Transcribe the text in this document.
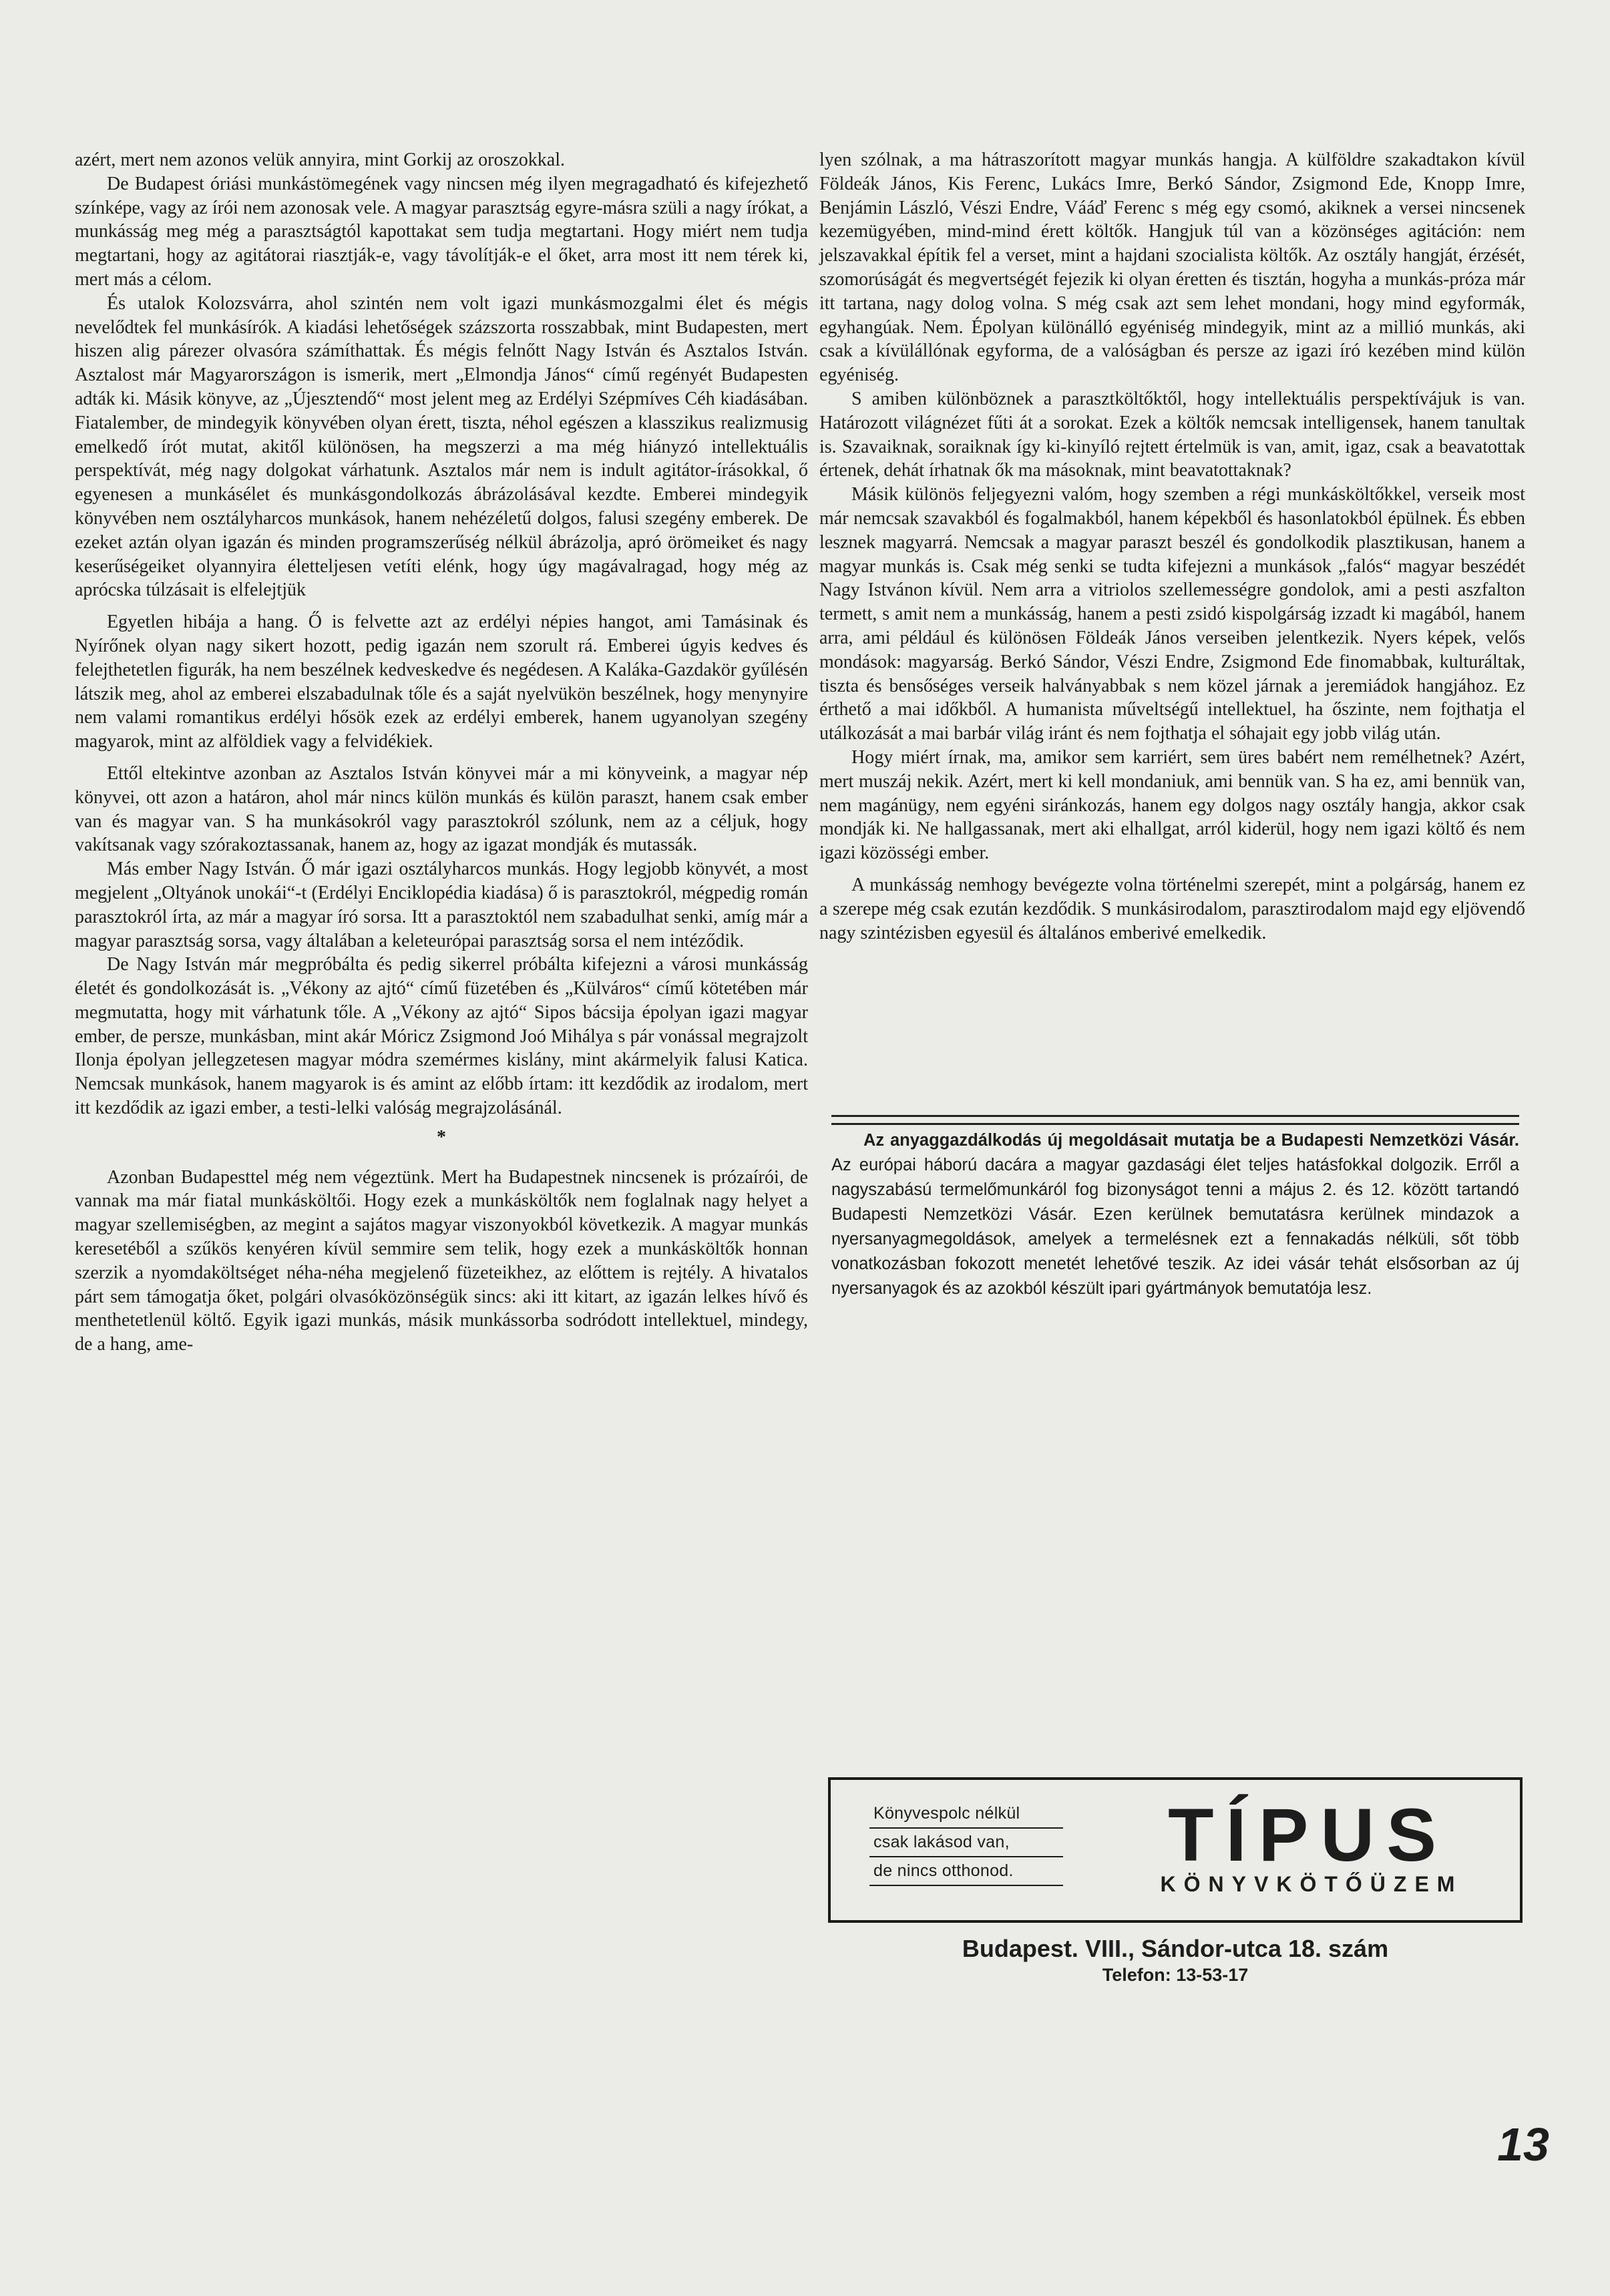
azért, mert nem azonos velük annyira, mint Gorkij az oroszokkal.

De Budapest óriási munkástömegének vagy nincsen még ilyen megragadható és kifejezhető színképe, vagy az írói nem azonosak vele. A magyar parasztság egyre-másra szüli a nagy írókat, a munkásság meg még a parasztságtól kapottakat sem tudja megtartani. Hogy miért nem tudja megtartani, hogy az agitátorai riasztják-e, vagy távolítják-e el őket, arra most itt nem térek ki, mert más a célom.

És utalok Kolozsvárra, ahol szintén nem volt igazi munkásmozgalmi élet és mégis nevelődtek fel munkásírók. A kiadási lehetőségek százszorta rosszabbak, mint Budapesten, mert hiszen alig párezer olvasóra számíthattak. És mégis felnőtt Nagy István és Asztalos István. Asztalost már Magyarországon is ismerik, mert „Elmondja János“ című regényét Budapesten adták ki. Másik könyve, az „Újesztendő“ most jelent meg az Erdélyi Szépmíves Céh kiadásában. Fiatalember, de mindegyik könyvében olyan érett, tiszta, néhol egészen a klasszikus realizmusig emelkedő írót mutat, akitől különösen, ha megszerzi a ma még hiányzó intellektuális perspektívát, még nagy dolgokat várhatunk. Asztalos már nem is indult agitátor-írásokkal, ő egyenesen a munkásélet és munkásgondolkozás ábrázolásával kezdte. Emberei mindegyik könyvében nem osztályharcos munkások, hanem nehézéletű dolgos, falusi szegény emberek. De ezeket aztán olyan igazán és minden programszerűség nélkül ábrázolja, apró örömeiket és nagy keserűségeiket olyannyira életteljesen vetíti elénk, hogy úgy magávalragad, hogy még az aprócska túlzásait is elfelejtjük

Egyetlen hibája a hang. Ő is felvette azt az erdélyi népies hangot, ami Tamásinak és Nyírőnek olyan nagy sikert hozott, pedig igazán nem szorult rá. Emberei úgyis kedves és felejthetetlen figurák, ha nem beszélnek kedveskedve és negédesen. A Kaláka-Gazdakör gyűlésén látszik meg, ahol az emberei elszabadulnak tőle és a saját nyelvükön beszélnek, hogy menynyire nem valami romantikus erdélyi hősök ezek az erdélyi emberek, hanem ugyanolyan szegény magyarok, mint az alföldiek vagy a felvidékiek.

Ettől eltekintve azonban az Asztalos István könyvei már a mi könyveink, a magyar nép könyvei, ott azon a határon, ahol már nincs külön munkás és külön paraszt, hanem csak ember van és magyar van. S ha munkásokról vagy parasztokról szólunk, nem az a céljuk, hogy vakítsanak vagy szórakoztassanak, hanem az, hogy az igazat mondják és mutassák.

Más ember Nagy István. Ő már igazi osztályharcos munkás. Hogy legjobb könyvét, a most megjelent „Oltyánok unokái“-t (Erdélyi Enciklopédia kiadása) ő is parasztokról, mégpedig román parasztokról írta, az már a magyar író sorsa. Itt a parasztoktól nem szabadulhat senki, amíg már a magyar parasztság sorsa, vagy általában a keleteurópai parasztság sorsa el nem intéződik.

De Nagy István már megpróbálta és pedig sikerrel próbálta kifejezni a városi munkásság életét és gondolkozását is. „Vékony az ajtó“ című füzetében és „Külváros“ című kötetében már megmutatta, hogy mit várhatunk tőle. A „Vékony az ajtó“ Sipos bácsija épolyan igazi magyar ember, de persze, munkásban, mint akár Móricz Zsigmond Joó Mihálya s pár vonással megrajzolt Ilonja épolyan jellegzetesen magyar módra szemérmes kislány, mint akármelyik falusi Katica. Nemcsak munkások, hanem magyarok is és amint az előbb írtam: itt kezdődik az irodalom, mert itt kezdődik az igazi ember, a testi-lelki valóság megrajzolásánál.

*

Azonban Budapesttel még nem végeztünk. Mert ha Budapestnek nincsenek is prózaírói, de vannak ma már fiatal munkásköltői. Hogy ezek a munkásköltők nem foglalnak nagy helyet a magyar szellemiségben, az megint a sajátos magyar viszonyokból következik. A magyar munkás keresetéből a szűkös kenyéren kívül semmire sem telik, hogy ezek a munkásköltők honnan szerzik a nyomdaköltséget néha-néha megjelenő füzeteikhez, az előttem is rejtély. A hivatalos párt sem támogatja őket, polgári olvasóközönségük sincs: aki itt kitart, az igazán lelkes hívő és menthetetlenül költő. Egyik igazi munkás, másik munkássorba sodródott intellektuel, mindegy, de a hang, ame-

lyen szólnak, a ma hátraszorított magyar munkás hangja. A külföldre szakadtakon kívül Földeák János, Kis Ferenc, Lukács Imre, Berkó Sándor, Zsigmond Ede, Knopp Imre, Benjámin László, Vészi Endre, Vááď Ferenc s még egy csomó, akiknek a versei nincsenek kezemügyében, mind-mind érett költők. Hangjuk túl van a közönséges agitáción: nem jelszavakkal építik fel a verset, mint a hajdani szocialista költők. Az osztály hangját, érzését, szomorúságát és megvertségét fejezik ki olyan éretten és tisztán, hogyha a munkás-próza már itt tartana, nagy dolog volna. S még csak azt sem lehet mondani, hogy mind egyformák, egyhangúak. Nem. Épolyan különálló egyéniség mindegyik, mint az a millió munkás, aki csak a kívülállónak egyforma, de a valóságban és persze az igazi író kezében mind külön egyéniség.

S amiben különböznek a parasztköltőktől, hogy intellektuális perspektívájuk is van. Határozott világnézet fűti át a sorokat. Ezek a költők nemcsak intelligensek, hanem tanultak is. Szavaiknak, soraiknak így ki-kinyíló rejtett értelmük is van, amit, igaz, csak a beavatottak értenek, dehát írhatnak ők ma másoknak, mint beavatottaknak?

Másik különös feljegyezni valóm, hogy szemben a régi munkásköltőkkel, verseik most már nemcsak szavakból és fogalmakból, hanem képekből és hasonlatokból épülnek. És ebben lesznek magyarrá. Nemcsak a magyar paraszt beszél és gondolkodik plasztikusan, hanem a magyar munkás is. Csak még senki se tudta kifejezni a munkások „falós“ magyar beszédét Nagy Istvánon kívül. Nem arra a vitriolos szellemességre gondolok, ami a pesti aszfalton termett, s amit nem a munkásság, hanem a pesti zsidó kispolgárság izzadt ki magából, hanem arra, ami például és különösen Földeák János verseiben jelentkezik. Nyers képek, velős mondások: magyarság. Berkó Sándor, Vészi Endre, Zsigmond Ede finomabbak, kulturáltak, tiszta és bensőséges verseik halványabbak s nem közel járnak a jeremiádok hangjához. Ez érthető a mai időkből. A humanista műveltségű intellektuel, ha őszinte, nem fojthatja el utálkozását a mai barbár világ iránt és nem fojthatja el sóhajait egy jobb világ után.

Hogy miért írnak, ma, amikor sem karriért, sem üres babért nem remélhetnek? Azért, mert muszáj nekik. Azért, mert ki kell mondaniuk, ami bennük van. S ha ez, ami bennük van, nem magánügy, nem egyéni siránkozás, hanem egy dolgos nagy osztály hangja, akkor csak mondják ki. Ne hallgassanak, mert aki elhallgat, arról kiderül, hogy nem igazi költő és nem igazi közösségi ember.

A munkásság nemhogy bevégezte volna történelmi szerepét, mint a polgárság, hanem ez a szerepe még csak ezután kezdődik. S munkásirodalom, parasztirodalom majd egy eljövendő nagy szintézisben egyesül és általános emberivé emelkedik.

Az anyaggazdálkodás új megoldásait mutatja be a Budapesti Nemzetközi Vásár. Az európai háború dacára a magyar gazdasági élet teljes hatásfokkal dolgozik. Erről a nagyszabású termelőmunkáról fog bizonyságot tenni a május 2. és 12. között tartandó Budapesti Nemzetközi Vásár. Ezen kerülnek bemutatásra kerülnek mindazok a nyersanyagmegoldások, amelyek a termelésnek ezt a fennakadás nélküli, sőt több vonatkozásban fokozott menetét lehetővé teszik. Az idei vásár tehát elsősorban az új nyersanyagok és az azokból készült ipari gyártmányok bemutatója lesz.

Könyvespolc nélkül
csak lakásod van,
de nincs otthonod.	TÍPUS
KÖNYVKÖTŐÜZEM
Budapest. VIII., Sándor-utca 18. szám
Telefon: 13-53-17
13
